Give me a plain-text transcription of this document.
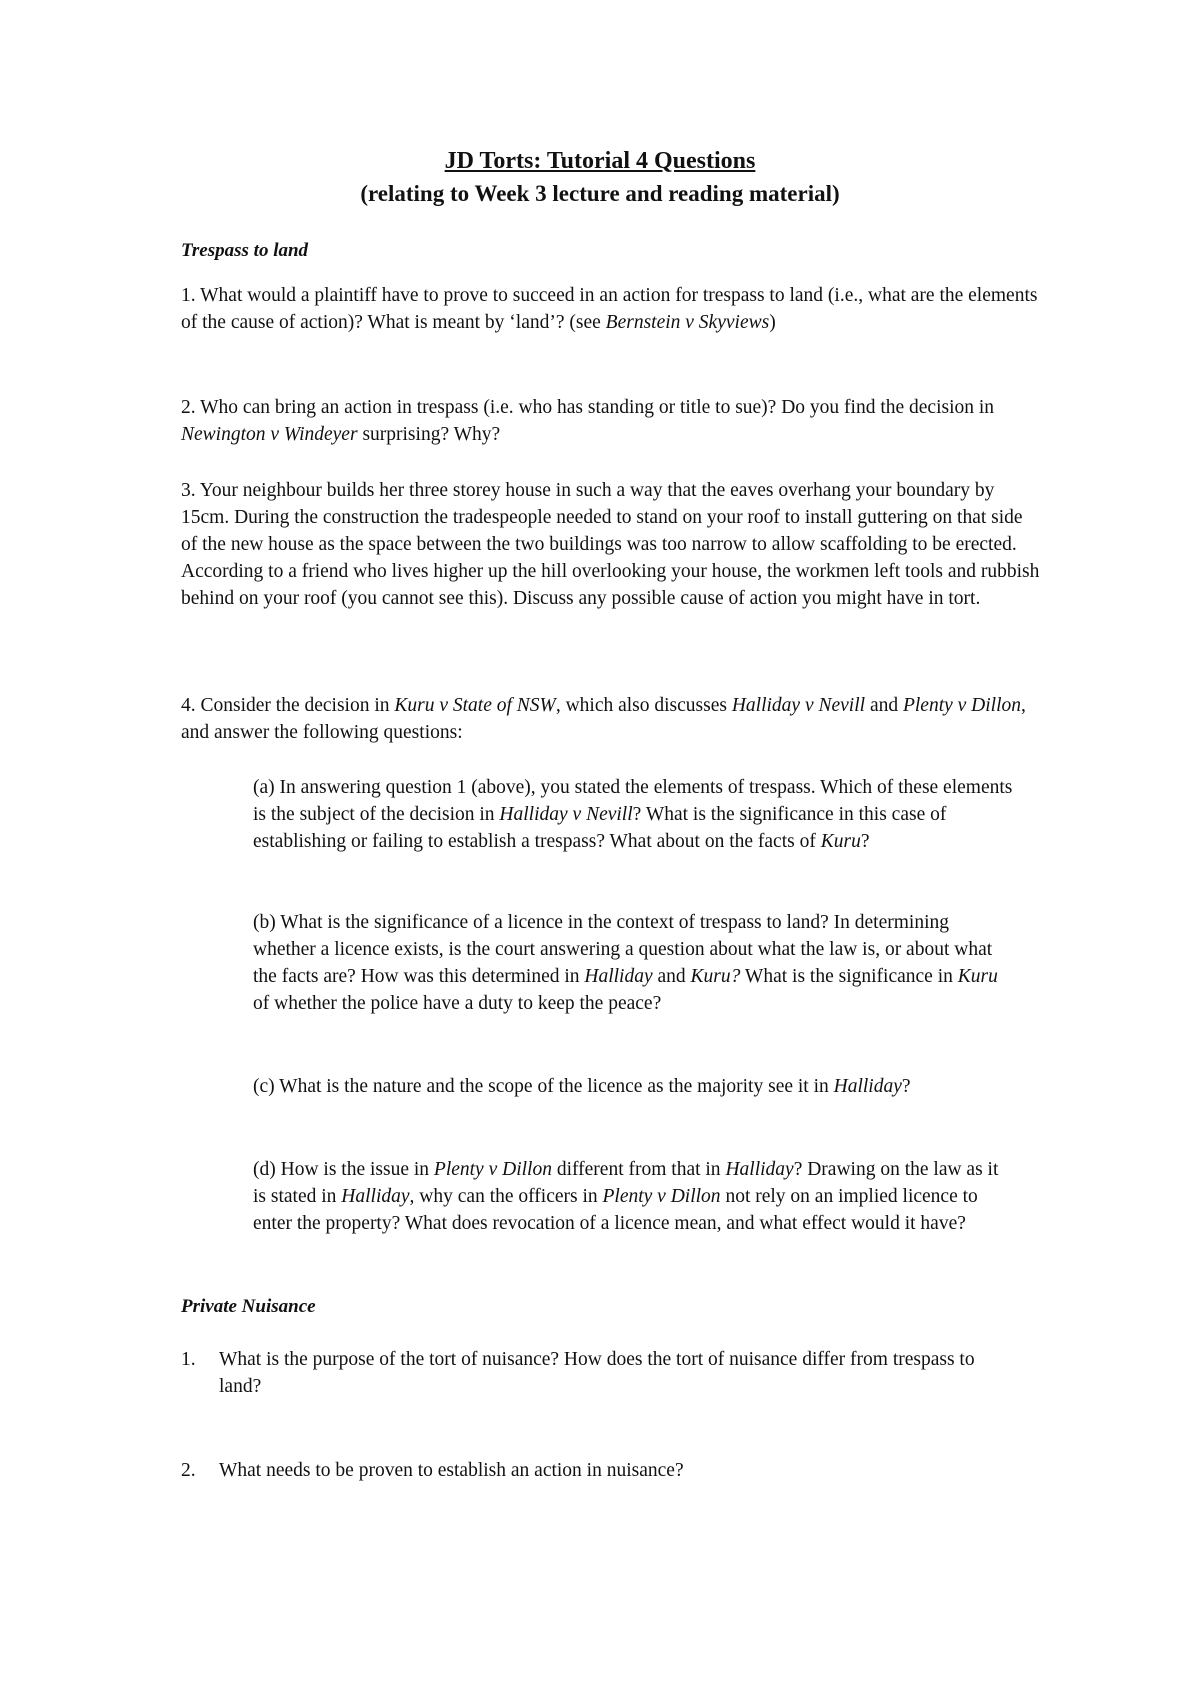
JD Torts: Tutorial 4 Questions
(relating to Week 3 lecture and reading material)
Trespass to land
1. What would a plaintiff have to prove to succeed in an action for trespass to land (i.e., what are the elements of the cause of action)? What is meant by ‘land’? (see Bernstein v Skyviews)
2. Who can bring an action in trespass (i.e. who has standing or title to sue)? Do you find the decision in Newington v Windeyer surprising? Why?
3. Your neighbour builds her three storey house in such a way that the eaves overhang your boundary by 15cm. During the construction the tradespeople needed to stand on your roof to install guttering on that side of the new house as the space between the two buildings was too narrow to allow scaffolding to be erected. According to a friend who lives higher up the hill overlooking your house, the workmen left tools and rubbish behind on your roof (you cannot see this). Discuss any possible cause of action you might have in tort.
4. Consider the decision in Kuru v State of NSW, which also discusses Halliday v Nevill and Plenty v Dillon, and answer the following questions:
(a) In answering question 1 (above), you stated the elements of trespass. Which of these elements is the subject of the decision in Halliday v Nevill? What is the significance in this case of establishing or failing to establish a trespass? What about on the facts of Kuru?
(b) What is the significance of a licence in the context of trespass to land? In determining whether a licence exists, is the court answering a question about what the law is, or about what the facts are? How was this determined in Halliday and Kuru? What is the significance in Kuru of whether the police have a duty to keep the peace?
(c) What is the nature and the scope of the licence as the majority see it in Halliday?
(d) How is the issue in Plenty v Dillon different from that in Halliday? Drawing on the law as it is stated in Halliday, why can the officers in Plenty v Dillon not rely on an implied licence to enter the property? What does revocation of a licence mean, and what effect would it have?
Private Nuisance
1. What is the purpose of the tort of nuisance? How does the tort of nuisance differ from trespass to land?
2. What needs to be proven to establish an action in nuisance?
